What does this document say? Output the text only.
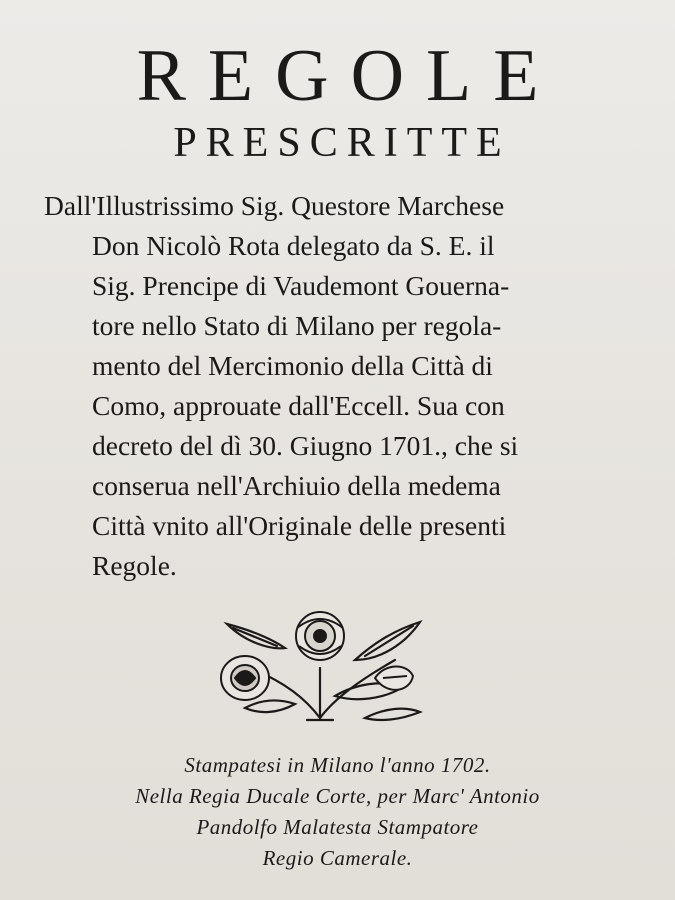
REGOLE
PRESCRITTE
Dall'Illustrissimo Sig. Questore Marchese
Don Nicolò Rota delegato da S. E. il
Sig. Prencipe di Vaudemont Gouerna-
tore nello Stato di Milano per regola-
mento del Mercimonio della Città di
Como, approuate dall'Eccell. Sua con
decreto del dì 30. Giugno 1701., che si
conserua nell'Archiuio della medema
Città vnito all'Originale delle presenti
Regole.
Stampatesi in Milano l'anno 1702.
Nella Regia Ducale Corte, per Marc' Antonio
Pandolfo Malatesta Stampatore
Regio Camerale.
